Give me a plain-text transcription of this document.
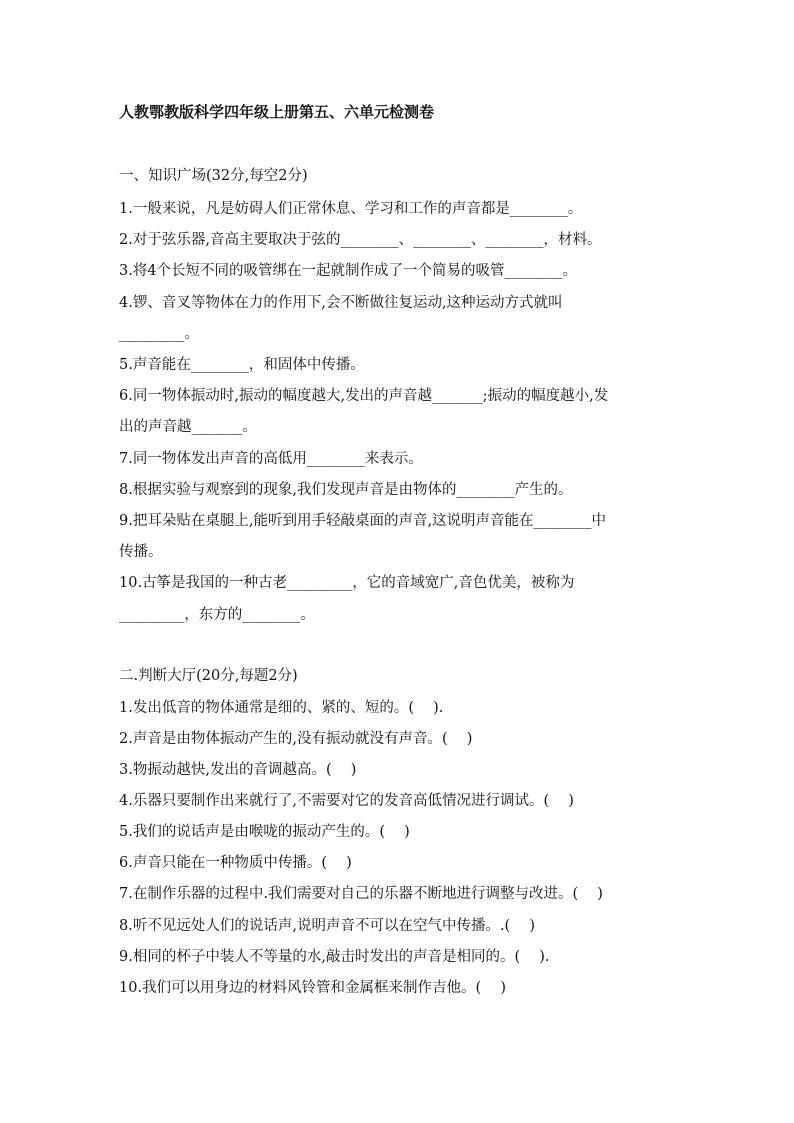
人教鄂教版科学四年级上册第五、六单元检测卷
一、知识广场(32分,每空2分)
1.一般来说，凡是妨碍人们正常休息、学习和工作的声音都是________。
2.对于弦乐器,音高主要取决于弦的________、________、________，材料。
3.将4个长短不同的吸管绑在一起就制作成了一个简易的吸管________。
4.锣、音叉等物体在力的作用下,会不断做往复运动,这种运动方式就叫
_________。
5.声音能在________，和固体中传播。
6.同一物体振动时,振动的幅度越大,发出的声音越_______;振动的幅度越小,发
出的声音越_______。
7.同一物体发出声音的高低用________来表示。
8.根据实验与观察到的现象,我们发现声音是由物体的________产生的。
9.把耳朵贴在桌腿上,能听到用手轻敲桌面的声音,这说明声音能在________中
传播。
10.古筝是我国的一种古老_________，它的音域宽广,音色优美，被称为
_________，东方的________。
二.判断大厅(20分,每题2分)
1.发出低音的物体通常是细的、紧的、短的。(　 ).
2.声音是由物体振动产生的,没有振动就没有声音。(　 )
3.物振动越快,发出的音调越高。(　 )
4.乐器只要制作出来就行了,不需要对它的发音高低情况进行调试。(　 )
5.我们的说话声是由喉咙的振动产生的。(　 )
6.声音只能在一种物质中传播。(　 )
7.在制作乐器的过程中.我们需要对自己的乐器不断地进行调整与改进。(　 )
8.听不见远处人们的说话声,说明声音不可以在空气中传播。.(　 )
9.相同的杯子中装人不等量的水,敲击时发出的声音是相同的。(　 ).
10.我们可以用身边的材料风铃管和金属框来制作吉他。(　 )
